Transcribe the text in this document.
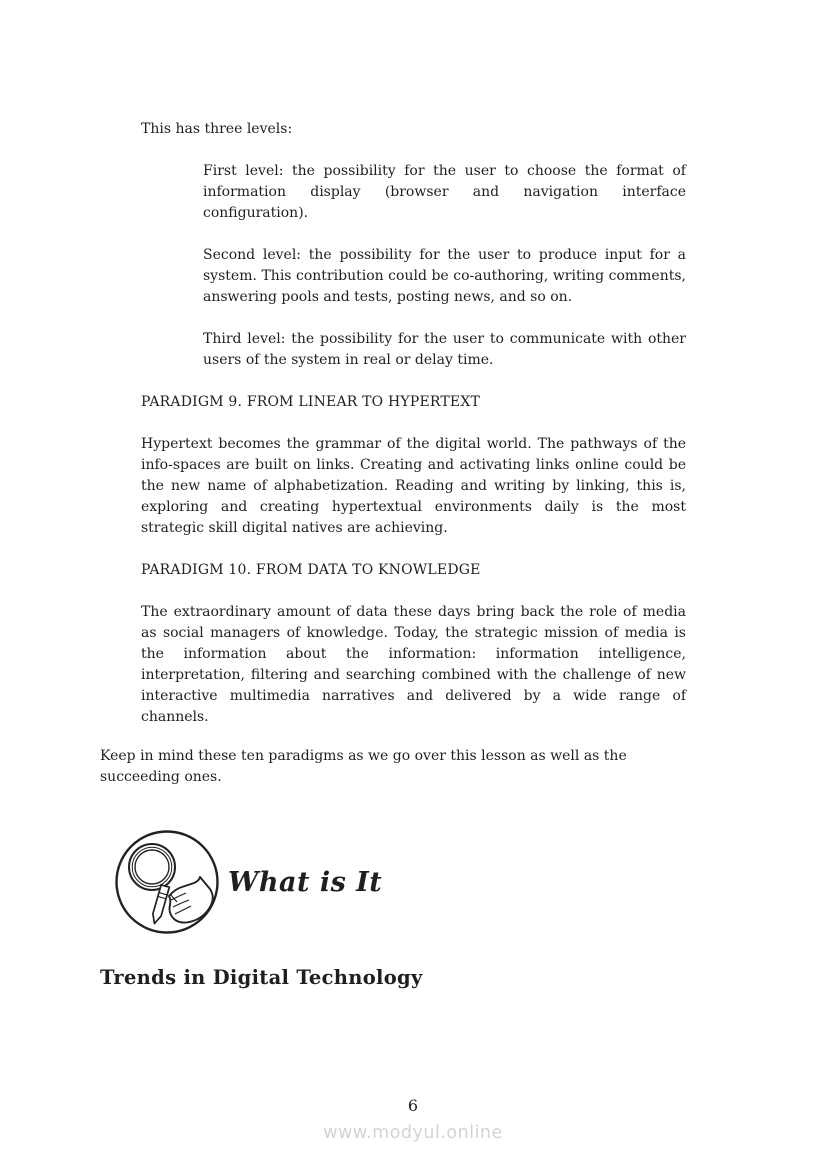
This has three levels:

First level: the possibility for the user to choose the format of information display (browser and navigation interface configuration).

Second level: the possibility for the user to produce input for a system. This contribution could be co-authoring, writing comments, answering pools and tests, posting news, and so on.

Third level: the possibility for the user to communicate with other users of the system in real or delay time.

PARADIGM 9. FROM LINEAR TO HYPERTEXT

Hypertext becomes the grammar of the digital world. The pathways of the info-spaces are built on links. Creating and activating links online could be the new name of alphabetization. Reading and writing by linking, this is, exploring and creating hypertextual environments daily is the most strategic skill digital natives are achieving.

PARADIGM 10. FROM DATA TO KNOWLEDGE

The extraordinary amount of data these days bring back the role of media as social managers of knowledge. Today, the strategic mission of media is the information about the information: information intelligence, interpretation, filtering and searching combined with the challenge of new interactive multimedia narratives and delivered by a wide range of channels.

Keep in mind these ten paradigms as we go over this lesson as well as the succeeding ones.

What is It
Trends in Digital Technology
6
www.modyul.online
